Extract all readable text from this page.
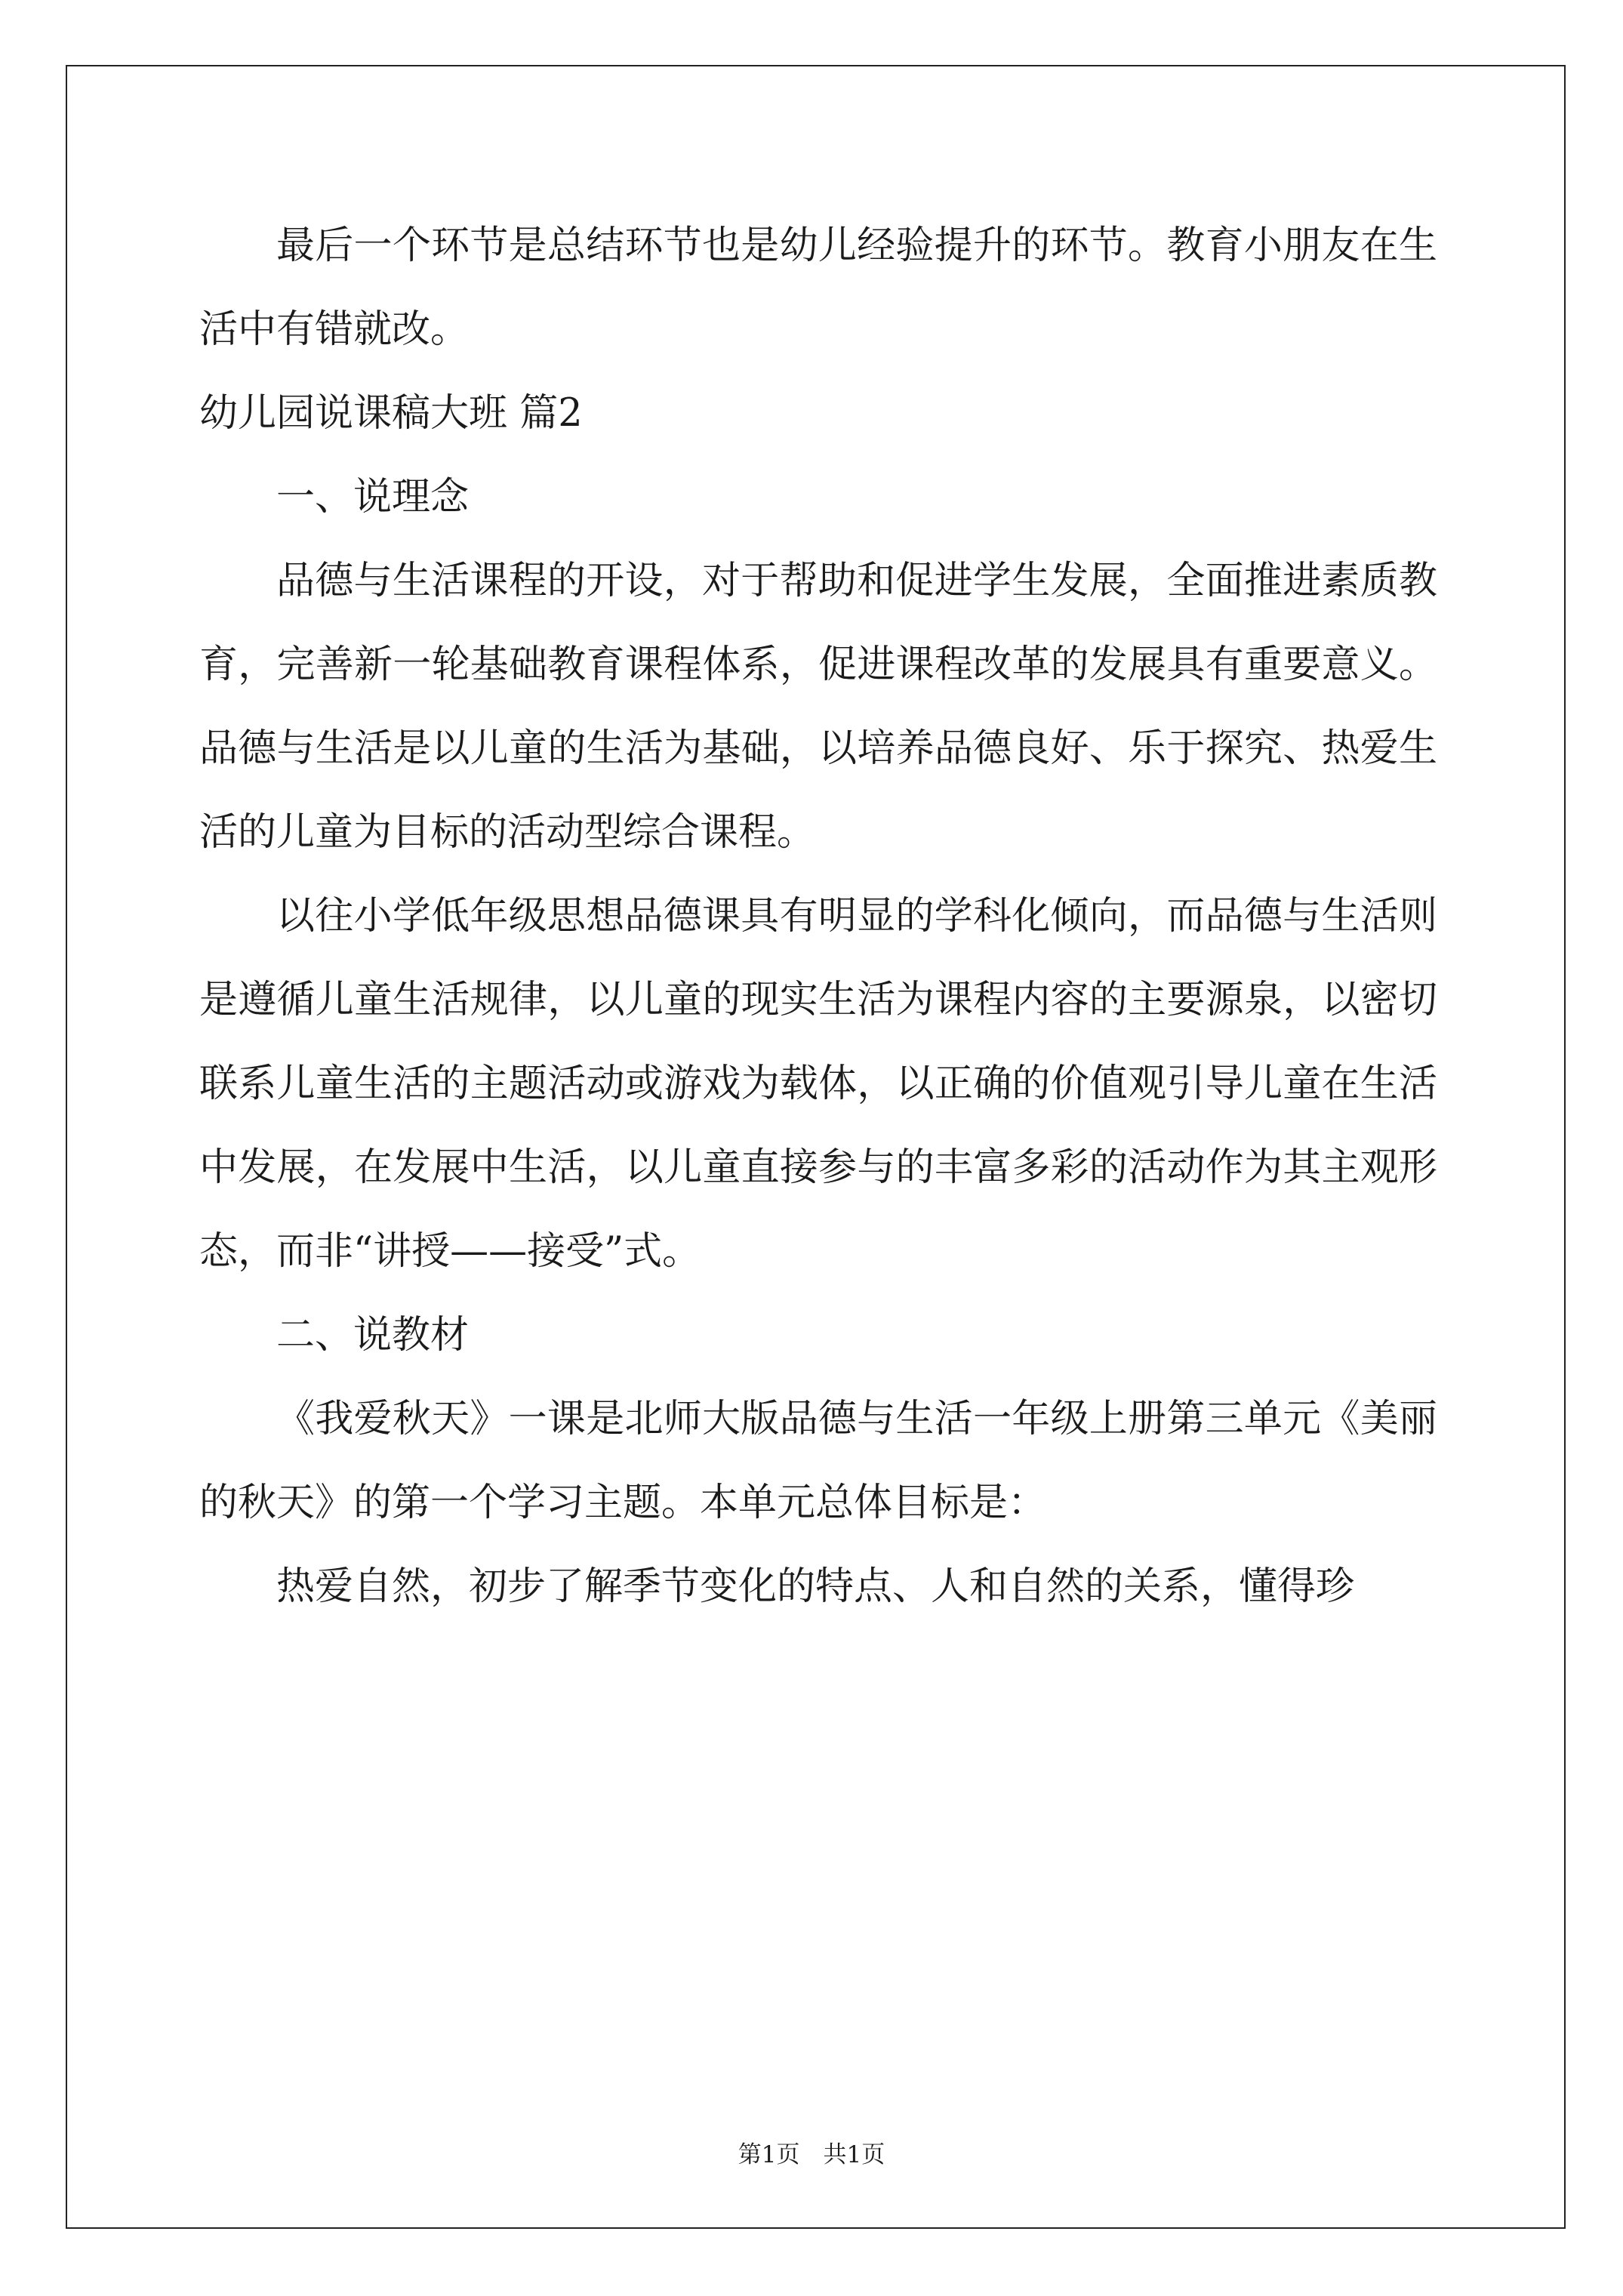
最后一个环节是总结环节也是幼儿经验提升的环节。教育小朋友在生活中有错就改。

幼儿园说课稿大班 篇2

一、说理念

品德与生活课程的开设，对于帮助和促进学生发展，全面推进素质教育，完善新一轮基础教育课程体系，促进课程改革的发展具有重要意义。品德与生活是以儿童的生活为基础，以培养品德良好、乐于探究、热爱生活的儿童为目标的活动型综合课程。

以往小学低年级思想品德课具有明显的学科化倾向，而品德与生活则是遵循儿童生活规律，以儿童的现实生活为课程内容的主要源泉，以密切联系儿童生活的主题活动或游戏为载体，以正确的价值观引导儿童在生活中发展，在发展中生活，以儿童直接参与的丰富多彩的活动作为其主观形态，而非“讲授——接受”式。

二、说教材

《我爱秋天》一课是北师大版品德与生活一年级上册第三单元《美丽的秋天》的第一个学习主题。本单元总体目标是：

热爱自然，初步了解季节变化的特点、人和自然的关系，懂得珍

第1页　共1页
